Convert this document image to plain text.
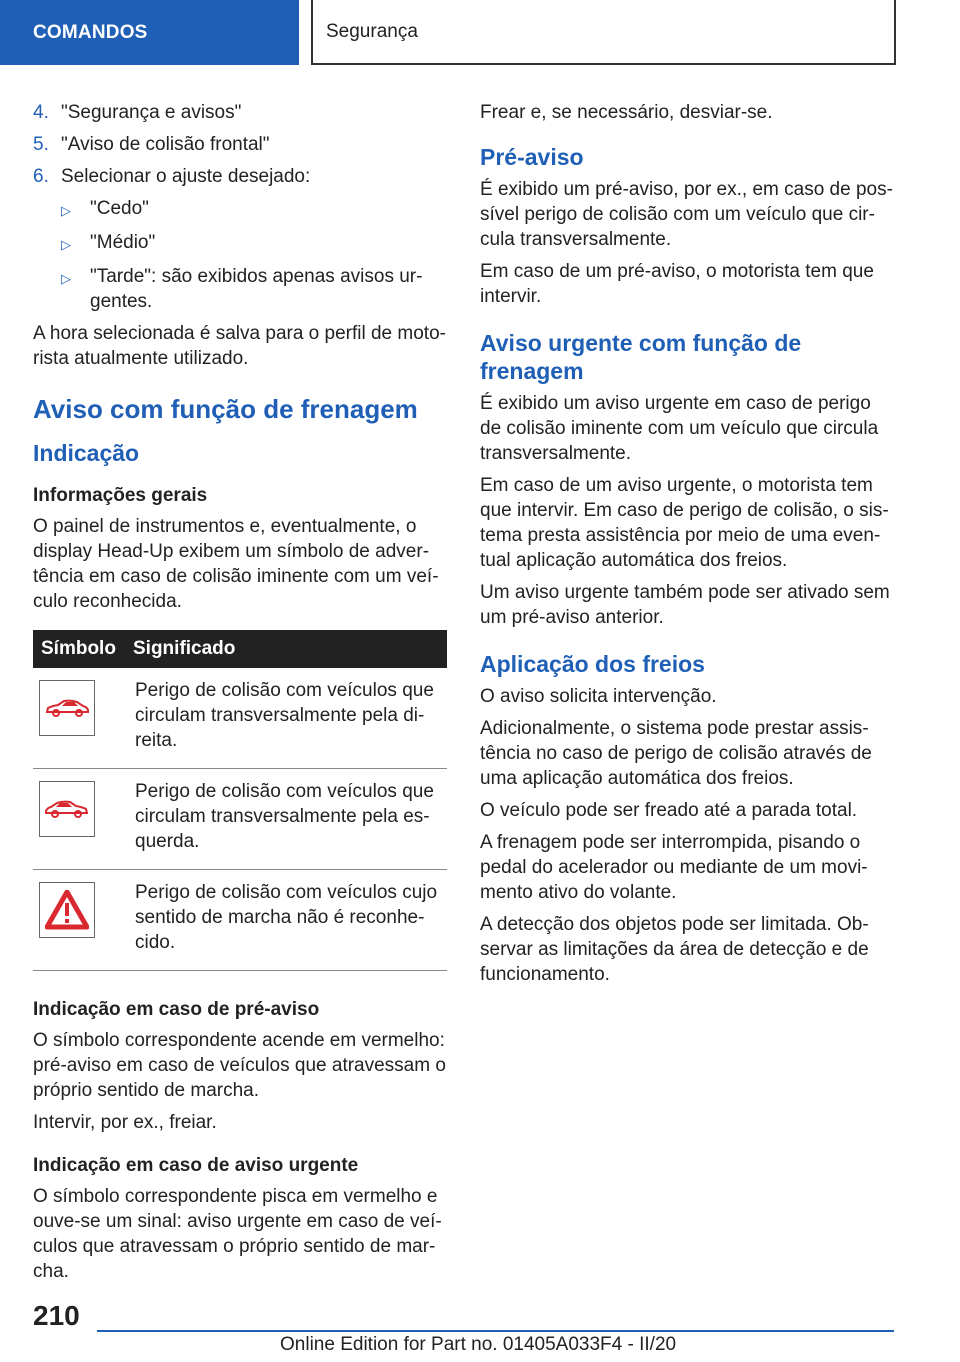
COMANDOS	Segurança
4. "Segurança e avisos"
5. "Aviso de colisão frontal"
6. Selecionar o ajuste desejado:
▷	"Cedo"
▷	"Médio"
▷	"Tarde": são exibidos apenas avisos urgentes.

A hora selecionada é salva para o perfil de motorista atualmente utilizado.

Aviso com função de frenagem
Indicação
Informações gerais

O painel de instrumentos e, eventualmente, o display Head-Up exibem um símbolo de advertência em caso de colisão iminente com um veículo reconhecida.

Símbolo	Significado

	Perigo de colisão com veículos que circulam transversalmente pela direita.

	Perigo de colisão com veículos que circulam transversalmente pela esquerda.

	Perigo de colisão com veículos cujo sentido de marcha não é reconhecido.
Indicação em caso de pré-aviso

O símbolo correspondente acende em vermelho: pré-aviso em caso de veículos que atravessam o próprio sentido de marcha.

Intervir, por ex., freiar.

Indicação em caso de aviso urgente

O símbolo correspondente pisca em vermelho e ouve-se um sinal: aviso urgente em caso de veículos que atravessam o próprio sentido de marcha.

Frear e, se necessário, desviar-se.

Pré-aviso

É exibido um pré-aviso, por ex., em caso de possível perigo de colisão com um veículo que circula transversalmente.

Em caso de um pré-aviso, o motorista tem que intervir.

Aviso urgente com função de frenagem

É exibido um aviso urgente em caso de perigo de colisão iminente com um veículo que circula transversalmente.

Em caso de um aviso urgente, o motorista tem que intervir. Em caso de perigo de colisão, o sistema presta assistência por meio de uma eventual aplicação automática dos freios.

Um aviso urgente também pode ser ativado sem um pré-aviso anterior.

Aplicação dos freios

O aviso solicita intervenção.

Adicionalmente, o sistema pode prestar assistência no caso de perigo de colisão através de uma aplicação automática dos freios.

O veículo pode ser freado até a parada total.

A frenagem pode ser interrompida, pisando o pedal do acelerador ou mediante de um movimento ativo do volante.

A detecção dos objetos pode ser limitada. Observar as limitações da área de detecção e de funcionamento.

210
Online Edition for Part no. 01405A033F4 - II/20
